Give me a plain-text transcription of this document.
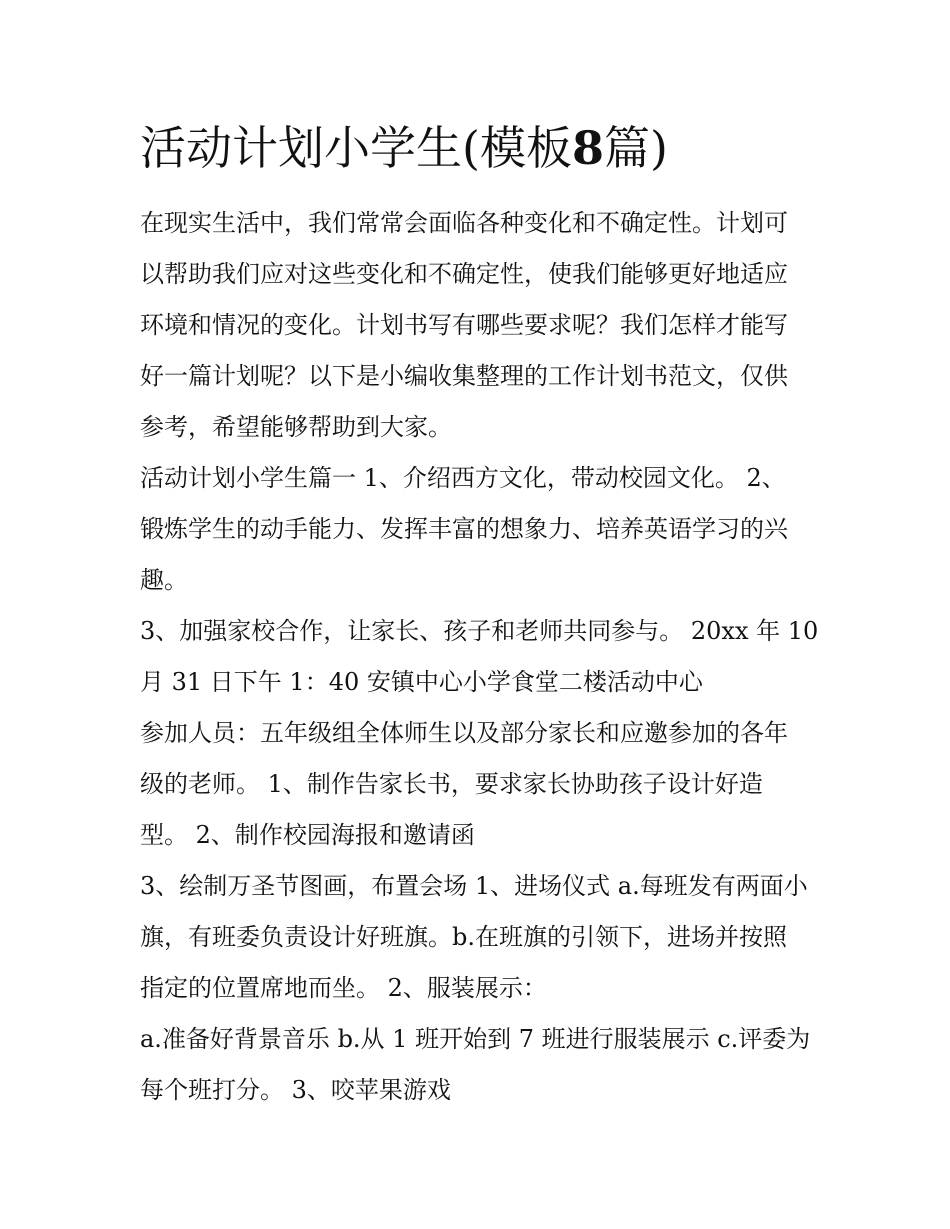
活动计划小学生(模板8篇)
在现实生活中，我们常常会面临各种变化和不确定性。计划可
以帮助我们应对这些变化和不确定性，使我们能够更好地适应
环境和情况的变化。计划书写有哪些要求呢？我们怎样才能写
好一篇计划呢？以下是小编收集整理的工作计划书范文，仅供
参考，希望能够帮助到大家。
活动计划小学生篇一 1、介绍西方文化，带动校园文化。 2、
锻炼学生的动手能力、发挥丰富的想象力、培养英语学习的兴
趣。
3、加强家校合作，让家长、孩子和老师共同参与。 20xx 年 10
月 31 日下午 1：40 安镇中心小学食堂二楼活动中心
参加人员：五年级组全体师生以及部分家长和应邀参加的各年
级的老师。 1、制作告家长书，要求家长协助孩子设计好造
型。 2、制作校园海报和邀请函
3、绘制万圣节图画，布置会场 1、进场仪式 a.每班发有两面小
旗，有班委负责设计好班旗。b.在班旗的引领下，进场并按照
指定的位置席地而坐。 2、服装展示：
a.准备好背景音乐 b.从 1 班开始到 7 班进行服装展示 c.评委为
每个班打分。 3、咬苹果游戏
